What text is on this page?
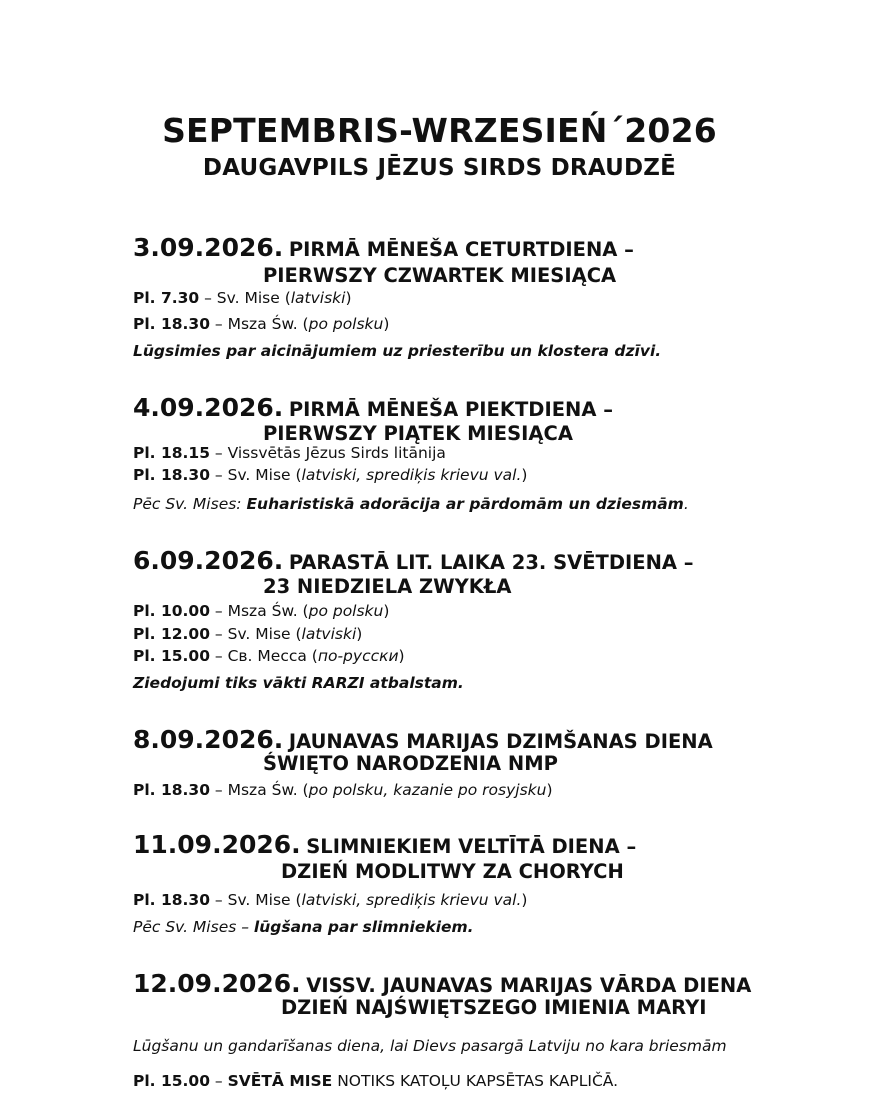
SEPTEMBRIS-WRZESIEŃ´2026
DAUGAVPILS JĒZUS SIRDS DRAUDZĒ
3.09.2026. PIRMĀ MĒNEŠA CETURTDIENA –
PIERWSZY CZWARTEK MIESIĄCA
Pl. 7.30 – Sv. Mise (latviski)
Pl. 18.30 – Msza Św. (po polsku)
Lūgsimies par aicinājumiem uz priesterību un klostera dzīvi.
4.09.2026. PIRMĀ MĒNEŠA PIEKTDIENA –
PIERWSZY PIĄTEK MIESIĄCA
Pl. 18.15 – Vissvētās Jēzus Sirds litānija
Pl. 18.30 – Sv. Mise (latviski, sprediķis krievu val.)
Pēc Sv. Mises: Euharistiskā adorācija ar pārdomām un dziesmām.
6.09.2026. PARASTĀ LIT. LAIKA 23. SVĒTDIENA –
23 NIEDZIELA ZWYKŁA
Pl. 10.00 – Msza Św. (po polsku)
Pl. 12.00 – Sv. Mise (latviski)
Pl. 15.00 – Св. Месса (по-русски)
Ziedojumi tiks vākti RARZI atbalstam.
8.09.2026. JAUNAVAS MARIJAS DZIMŠANAS DIENA
ŚWIĘTO NARODZENIA NMP
Pl. 18.30 – Msza Św. (po polsku, kazanie po rosyjsku)
11.09.2026. SLIMNIEKIEM VELTĪTĀ DIENA –
DZIEŃ MODLITWY ZA CHORYCH
Pl. 18.30 – Sv. Mise (latviski, sprediķis krievu val.)
Pēc Sv. Mises – lūgšana par slimniekiem.
12.09.2026. VISSV. JAUNAVAS MARIJAS VĀRDA DIENA
DZIEŃ NAJŚWIĘTSZEGO IMIENIA MARYI
Lūgšanu un gandarīšanas diena, lai Dievs pasargā Latviju no kara briesmām
Pl. 15.00 – SVĒTĀ MISE NOTIKS KATOĻU KAPSĒTAS KAPLIČĀ.
